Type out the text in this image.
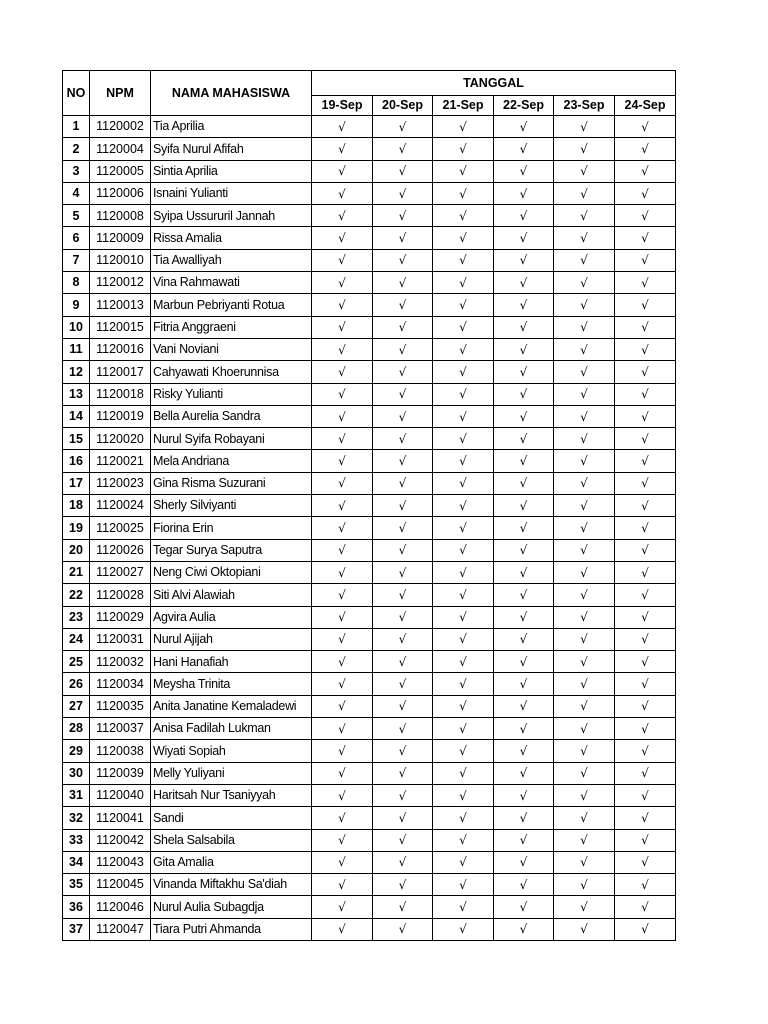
NO	NPM	NAMA MAHASISWA	TANGGAL					
			19-Sep	20-Sep	21-Sep	22-Sep	23-Sep	24-Sep
1	1120002	Tia Aprilia	√	√	√	√	√	√
2	1120004	Syifa Nurul Afifah	√	√	√	√	√	√
3	1120005	Sintia Aprilia	√	√	√	√	√	√
4	1120006	Isnaini Yulianti	√	√	√	√	√	√
5	1120008	Syipa Ussururil Jannah	√	√	√	√	√	√
6	1120009	Rissa Amalia	√	√	√	√	√	√
7	1120010	Tia Awalliyah	√	√	√	√	√	√
8	1120012	Vina Rahmawati	√	√	√	√	√	√
9	1120013	Marbun Pebriyanti Rotua	√	√	√	√	√	√
10	1120015	Fitria Anggraeni	√	√	√	√	√	√
11	1120016	Vani Noviani	√	√	√	√	√	√
12	1120017	Cahyawati Khoerunnisa	√	√	√	√	√	√
13	1120018	Risky Yulianti	√	√	√	√	√	√
14	1120019	Bella Aurelia Sandra	√	√	√	√	√	√
15	1120020	Nurul Syifa Robayani	√	√	√	√	√	√
16	1120021	Mela Andriana	√	√	√	√	√	√
17	1120023	Gina Risma Suzurani	√	√	√	√	√	√
18	1120024	Sherly Silviyanti	√	√	√	√	√	√
19	1120025	Fiorina Erin	√	√	√	√	√	√
20	1120026	Tegar Surya Saputra	√	√	√	√	√	√
21	1120027	Neng Ciwi Oktopiani	√	√	√	√	√	√
22	1120028	Siti Alvi Alawiah	√	√	√	√	√	√
23	1120029	Agvira Aulia	√	√	√	√	√	√
24	1120031	Nurul Ajijah	√	√	√	√	√	√
25	1120032	Hani Hanafiah	√	√	√	√	√	√
26	1120034	Meysha Trinita	√	√	√	√	√	√
27	1120035	Anita Janatine Kemaladewi	√	√	√	√	√	√
28	1120037	Anisa Fadilah Lukman	√	√	√	√	√	√
29	1120038	Wiyati Sopiah	√	√	√	√	√	√
30	1120039	Melly Yuliyani	√	√	√	√	√	√
31	1120040	Haritsah Nur Tsaniyyah	√	√	√	√	√	√
32	1120041	Sandi	√	√	√	√	√	√
33	1120042	Shela Salsabila	√	√	√	√	√	√
34	1120043	Gita Amalia	√	√	√	√	√	√
35	1120045	Vinanda Miftakhu Sa'diah	√	√	√	√	√	√
36	1120046	Nurul Aulia Subagdja	√	√	√	√	√	√
37	1120047	Tiara Putri Ahmanda	√	√	√	√	√	√
